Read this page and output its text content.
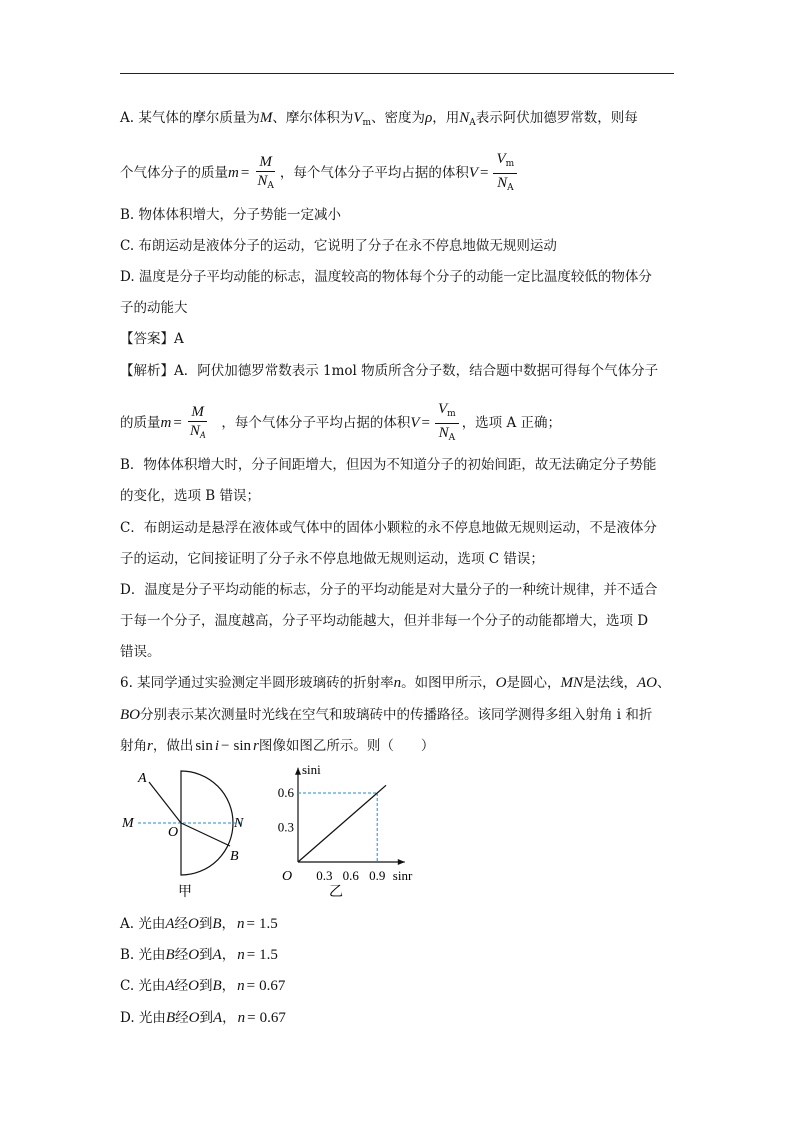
A. 某气体的摩尔质量为M、摩尔体积为$V_m$、密度为ρ，用$N_A$表示阿伏加德罗常数，则每
个气体分子的质量$m = \frac{M}{N_A}$ ，每个气体分子平均占据的体积$V = \frac{V_m}{N_A}$
B. 物体体积增大，分子势能一定减小
C. 布朗运动是液体分子的运动，它说明了分子在永不停息地做无规则运动
D. 温度是分子平均动能的标志，温度较高的物体每个分子的动能一定比温度较低的物体分
子的动能大
【答案】A
【解析】A．阿伏加德罗常数表示 1mol 物质所含分子数，结合题中数据可得每个气体分子
的质量$m = \frac{M}{N_A}$ ，每个气体分子平均占据的体积$V = \frac{V_m}{N_A}$ ，选项 A 正确；
B．物体体积增大时，分子间距增大，但因为不知道分子的初始间距，故无法确定分子势能
的变化，选项 B 错误；
C．布朗运动是悬浮在液体或气体中的固体小颗粒的永不停息地做无规则运动，不是液体分
子的运动，它间接证明了分子永不停息地做无规则运动，选项 C 错误；
D．温度是分子平均动能的标志，分子的平均动能是对大量分子的一种统计规律，并不适合
于每一个分子，温度越高，分子平均动能越大，但并非每一个分子的动能都增大，选项 D
错误。
6. 某同学通过实验测定半圆形玻璃砖的折射率n。如图甲所示，O是圆心，MN是法线，AO、
BO分别表示某次测量时光线在空气和玻璃砖中的传播路径。该同学测得多组入射角 i 和折
射角r，做出 sin i − sin r图像如图乙所示。则（　　）
A
M
O
N
B
甲
0.3 0.6 0.9
0.3
0.6
O	sinr
sini
乙
A. 光由A经O到B， n = 1.5
B. 光由B经O到A， n = 1.5
C. 光由A经O到B， n = 0.67
D. 光由B经O到A， n = 0.67
